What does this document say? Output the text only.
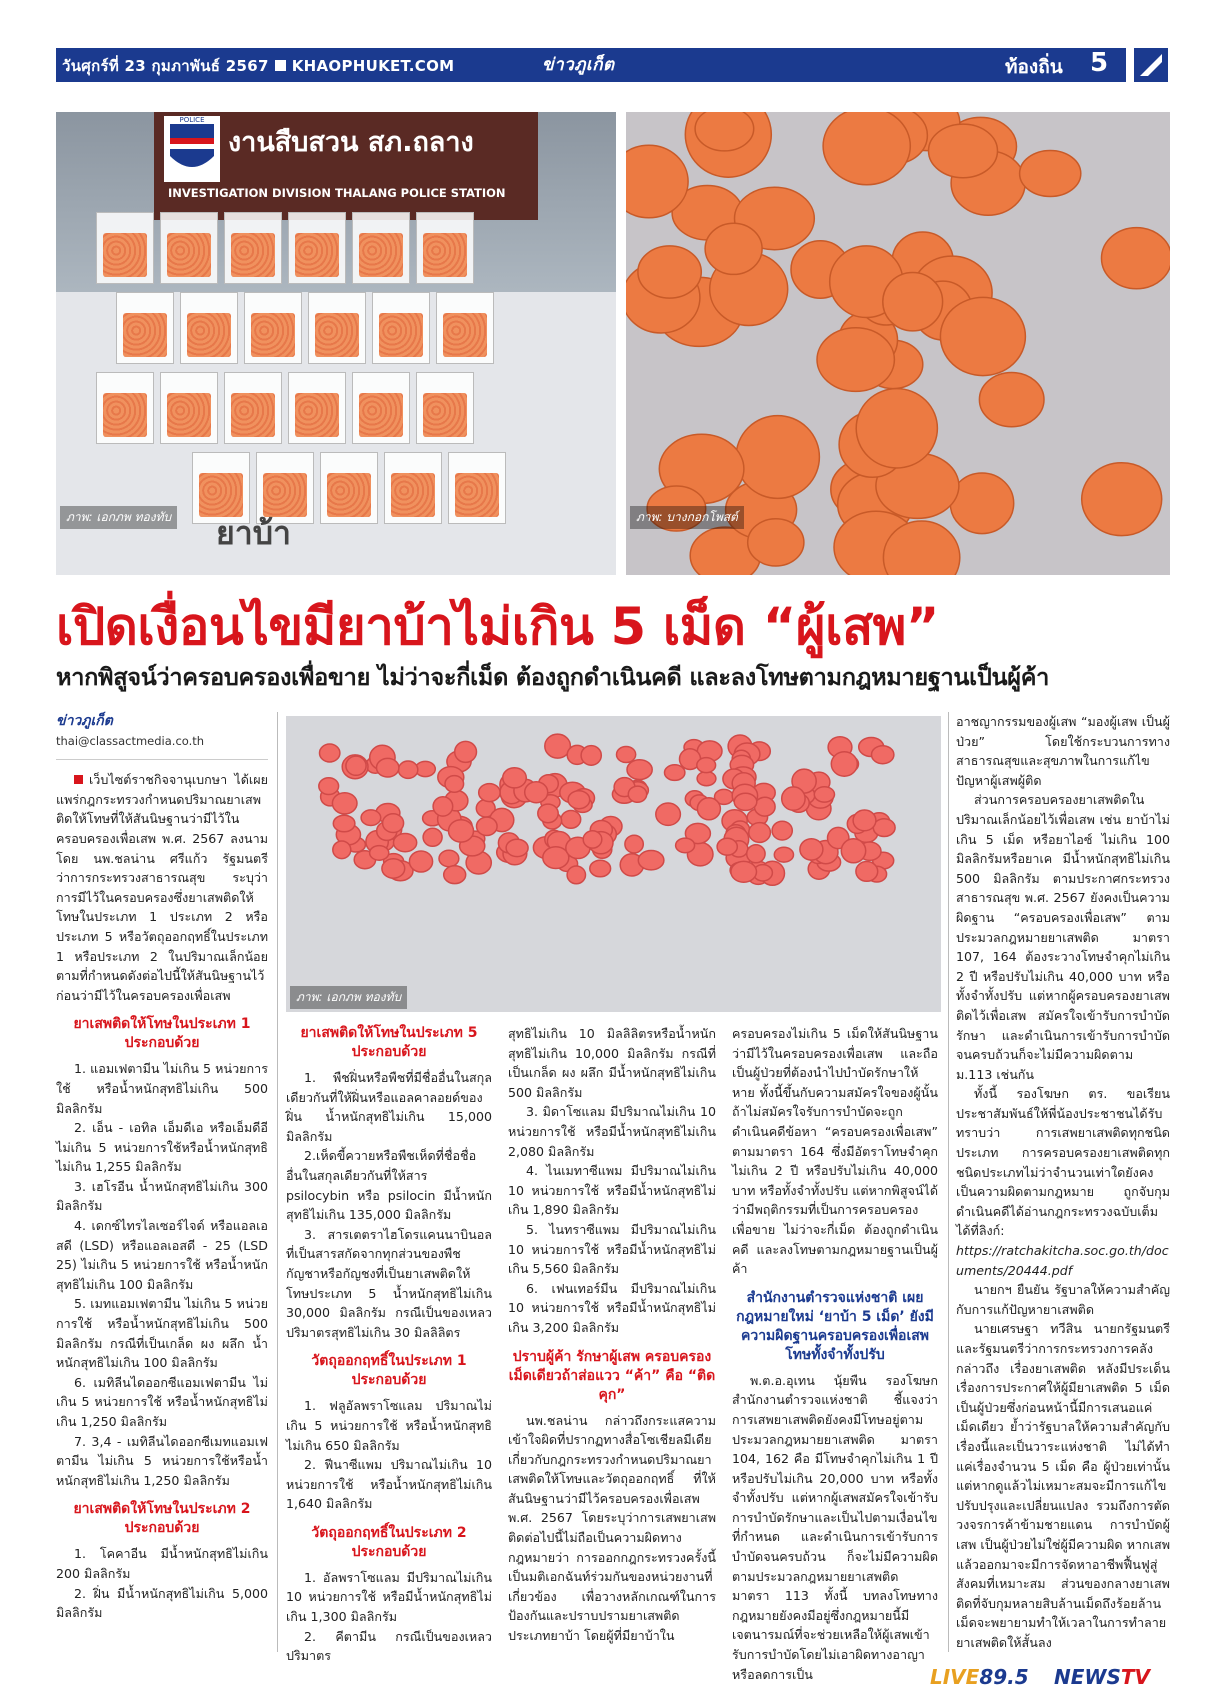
วันศุกร์ที่ 23 กุมภาพันธ์ 2567 KHAOPHUKET.COM	ข่าวภูเก็ต	ท้องถิ่น 5
POLICE
งานสืบสวน สภ.ถลาง
INVESTIGATION DIVISION THALANG POLICE STATION
ยาบ้า
ภาพ: เอกภพ ทองทับ	ภาพ: บางกอกโพสต์
เปิดเงื่อนไขมียาบ้าไม่เกิน 5 เม็ด “ผู้เสพ”
หากพิสูจน์ว่าครอบครองเพื่อขาย ไม่ว่าจะกี่เม็ด ต้องถูกดำเนินคดี และลงโทษตามกฎหมายฐานเป็นผู้ค้า
ข่าวภูเก็ต
thai@classactmedia.co.th

เว็บไซต์ราชกิจจานุเบกษา ได้เผยแพร่กฎกระทรวงกำหนดปริมาณยาเสพติดให้โทษที่ให้สันนิษฐานว่ามีไว้ในครอบครองเพื่อเสพ พ.ศ. 2567 ลงนามโดย นพ.ชลน่าน ศรีแก้ว รัฐมนตรีว่าการกระทรวงสาธารณสุข ระบุว่า การมีไว้ในครอบครองซึ่งยาเสพติดให้โทษในประเภท 1 ประเภท 2 หรือประเภท 5 หรือวัตถุออกฤทธิ์ในประเภท 1 หรือประเภท 2 ในปริมาณเล็กน้อยตามที่กำหนดดังต่อไปนี้ให้สันนิษฐานไว้ก่อนว่ามีไว้ในครอบครองเพื่อเสพ

ยาเสพติดให้โทษในประเภท 1 ประกอบด้วย

1. แอมเฟตามีน ไม่เกิน 5 หน่วยการใช้ หรือน้ำหนักสุทธิไม่เกิน 500 มิลลิกรัม

2. เอ็น - เอทิล เอ็มดีเอ หรือเอ็มดีอี ไม่เกิน 5 หน่วยการใช้หรือน้ำหนักสุทธิไม่เกิน 1,255 มิลลิกรัม

3. เฮโรอีน น้ำหนักสุทธิไม่เกิน 300 มิลลิกรัม

4. เดกซ์ไทรไลเซอร์ไจด์ หรือแอลเอสดี (LSD) หรือแอลเอสดี - 25 (LSD 25) ไม่เกิน 5 หน่วยการใช้ หรือน้ำหนักสุทธิไม่เกิน 100 มิลลิกรัม

5. เมทแอมเฟตามีน ไม่เกิน 5 หน่วยการใช้ หรือน้ำหนักสุทธิไม่เกิน 500 มิลลิกรัม กรณีที่เป็นเกล็ด ผง ผลึก น้ำหนักสุทธิไม่เกิน 100 มิลลิกรัม

6. เมทิลีนไดออกซีแอมเฟตามีน ไม่เกิน 5 หน่วยการใช้ หรือน้ำหนักสุทธิไม่เกิน 1,250 มิลลิกรัม

7. 3,4 - เมทิลีนไดออกซีเมทแอมเฟตามีน ไม่เกิน 5 หน่วยการใช้หรือน้ำหนักสุทธิไม่เกิน 1,250 มิลลิกรัม

ยาเสพติดให้โทษในประเภท 2 ประกอบด้วย

1. โคคาอีน มีน้ำหนักสุทธิไม่เกิน 200 มิลลิกรัม

2. ฝิ่น มีน้ำหนักสุทธิไม่เกิน 5,000 มิลลิกรัม

ภาพ: เอกภพ ทองทับ
ยาเสพติดให้โทษในประเภท 5 ประกอบด้วย

1. พืชฝิ่นหรือพืชที่มีชื่ออื่นในสกุลเดียวกันที่ให้ฝิ่นหรือแอลคาลอยด์ของฝิ่น น้ำหนักสุทธิไม่เกิน 15,000 มิลลิกรัม

2.เห็ดขี้ควายหรือพืชเห็ดที่ชื่อชื่ออื่นในสกุลเดียวกันที่ให้สาร psilocybin หรือ psilocin มีน้ำหนักสุทธิไม่เกิน 135,000 มิลลิกรัม

3. สารเตตราไฮโดรแคนนาบินอล ที่เป็นสารสกัดจากทุกส่วนของพืชกัญชาหรือกัญชงที่เป็นยาเสพติดให้โทษประเภท 5 น้ำหนักสุทธิไม่เกิน 30,000 มิลลิกรัม กรณีเป็นของเหลวปริมาตรสุทธิไม่เกิน 30 มิลลิลิตร

วัตถุออกฤทธิ์ในประเภท 1 ประกอบด้วย

1. ฟลูอัลพราโซแลม ปริมาณไม่เกิน 5 หน่วยการใช้ หรือน้ำหนักสุทธิไม่เกิน 650 มิลลิกรัม

2. ฟีนาซีแพม ปริมาณไม่เกิน 10 หน่วยการใช้ หรือน้ำหนักสุทธิไม่เกิน 1,640 มิลลิกรัม

วัตถุออกฤทธิ์ในประเภท 2 ประกอบด้วย

1. อัลพราโซแลม มีปริมาณไม่เกิน 10 หน่วยการใช้ หรือมีน้ำหนักสุทธิไม่เกิน 1,300 มิลลิกรัม

2. คีตามีน กรณีเป็นของเหลวปริมาตร

สุทธิไม่เกิน 10 มิลลิลิตรหรือน้ำหนักสุทธิไม่เกิน 10,000 มิลลิกรัม กรณีที่เป็นเกล็ด ผง ผลึก มีน้ำหนักสุทธิไม่เกิน 500 มิลลิกรัม

3. มิดาโซแลม มีปริมาณไม่เกิน 10 หน่วยการใช้ หรือมีน้ำหนักสุทธิไม่เกิน 2,080 มิลลิกรัม

4. ไนเมทาซีแพม มีปริมาณไม่เกิน 10 หน่วยการใช้ หรือมีน้ำหนักสุทธิไม่เกิน 1,890 มิลลิกรัม

5. ไนทราซีแพม มีปริมาณไม่เกิน 10 หน่วยการใช้ หรือมีน้ำหนักสุทธิไม่เกิน 5,560 มิลลิกรัม

6. เฟนเทอร์มีน มีปริมาณไม่เกิน 10 หน่วยการใช้ หรือมีน้ำหนักสุทธิไม่เกิน 3,200 มิลลิกรัม

ปราบผู้ค้า รักษาผู้เสพ ครอบครองเม็ดเดียวถ้าส่อแวว “ค้า” คือ “ติดคุก”

นพ.ชลน่าน กล่าวถึงกระแสความเข้าใจผิดที่ปรากฏทางสื่อโซเชียลมีเดียเกี่ยวกับกฎกระทรวงกำหนดปริมาณยาเสพติดให้โทษและวัตถุออกฤทธิ์ ที่ให้สันนิษฐานว่ามีไว้ครอบครองเพื่อเสพ พ.ศ. 2567 โดยระบุว่าการเสพยาเสพติดต่อไปนี้ไม่ถือเป็นความผิดทางกฎหมายว่า การออกกฎกระทรวงครั้งนี้ เป็นมติเอกฉันท์ร่วมกันของหน่วยงานที่เกี่ยวข้อง เพื่อวางหลักเกณฑ์ในการป้องกันและปราบปรามยาเสพติดประเภทยาบ้า โดยผู้ที่มียาบ้าใน

ครอบครองไม่เกิน 5 เม็ดให้สันนิษฐานว่ามีไว้ในครอบครองเพื่อเสพ และถือเป็นผู้ป่วยที่ต้องนำไปบำบัดรักษาให้หาย ทั้งนี้ขึ้นกับความสมัครใจของผู้นั้น ถ้าไม่สมัครใจรับการบำบัดจะถูกดำเนินคดีข้อหา “ครอบครองเพื่อเสพ” ตามมาตรา 164 ซึ่งมีอัตราโทษจำคุกไม่เกิน 2 ปี หรือปรับไม่เกิน 40,000 บาท หรือทั้งจำทั้งปรับ แต่หากพิสูจน์ได้ว่ามีพฤติกรรมที่เป็นการครอบครองเพื่อขาย ไม่ว่าจะกี่เม็ด ต้องถูกดำเนินคดี และลงโทษตามกฎหมายฐานเป็นผู้ค้า

สำนักงานตำรวจแห่งชาติ เผยกฎหมายใหม่ ‘ยาบ้า 5 เม็ด’ ยังมีความผิดฐานครอบครองเพื่อเสพ โทษทั้งจำทั้งปรับ

พ.ต.อ.อุเทน นุ้ยพืน รองโฆษกสำนักงานตำรวจแห่งชาติ ชี้แจงว่า การเสพยาเสพติดยังคงมีโทษอยู่ตามประมวลกฎหมายยาเสพติด มาตรา 104, 162 คือ มีโทษจำคุกไม่เกิน 1 ปี หรือปรับไม่เกิน 20,000 บาท หรือทั้งจำทั้งปรับ แต่หากผู้เสพสมัครใจเข้ารับการบำบัดรักษาและเป็นไปตามเงื่อนไขที่กำหนด และดำเนินการเข้ารับการบำบัดจนครบถ้วน ก็จะไม่มีความผิดตามประมวลกฎหมายยาเสพติด มาตรา 113 ทั้งนี้ บทลงโทษทางกฎหมายยังคงมีอยู่ซึ่งกฎหมายนี้มีเจตนารมณ์ที่จะช่วยเหลือให้ผู้เสพเข้ารับการบำบัดโดยไม่เอาผิดทางอาญา หรือลดการเป็น

อาชญากรรมของผู้เสพ “มองผู้เสพ เป็นผู้ป่วย” โดยใช้กระบวนการทางสาธารณสุขและสุขภาพในการแก้ไขปัญหาผู้เสพผู้ติด

ส่วนการครอบครองยาเสพติดในปริมาณเล็กน้อยไว้เพื่อเสพ เช่น ยาบ้าไม่เกิน 5 เม็ด หรือยาไอซ์ ไม่เกิน 100 มิลลิกรัมหรือยาเค มีน้ำหนักสุทธิไม่เกิน 500 มิลลิกรัม ตามประกาศกระทรวงสาธารณสุข พ.ศ. 2567 ยังคงเป็นความผิดฐาน “ครอบครองเพื่อเสพ” ตามประมวลกฎหมายยาเสพติด มาตรา 107, 164 ต้องระวางโทษจำคุกไม่เกิน 2 ปี หรือปรับไม่เกิน 40,000 บาท หรือ ทั้งจำทั้งปรับ แต่หากผู้ครอบครองยาเสพติดไว้เพื่อเสพ สมัครใจเข้ารับการบำบัดรักษา และดำเนินการเข้ารับการบำบัดจนครบถ้วนก็จะไม่มีความผิดตาม ม.113 เช่นกัน

ทั้งนี้ รองโฆษก ตร. ขอเรียนประชาสัมพันธ์ให้พี่น้องประชาชนได้รับทราบว่า การเสพยาเสพติดทุกชนิดประเภท การครอบครองยาเสพติดทุกชนิดประเภทไม่ว่าจำนวนเท่าใดยังคงเป็นความผิดตามกฎหมาย ถูกจับกุม ดำเนินคดีได้อ่านกฎกระทรวงฉบับเต็มได้ที่ลิงก์:

https://ratchakitcha.soc.go.th/documents/20444.pdf

นายกฯ ยืนยัน รัฐบาลให้ความสำคัญกับการแก้ปัญหายาเสพติด

นายเศรษฐา ทวีสิน นายกรัฐมนตรีและรัฐมนตรีว่าการกระทรวงการคลังกล่าวถึง เรื่องยาเสพติด หลังมีประเด็นเรื่องการประกาศให้ผู้มียาเสพติด 5 เม็ดเป็นผู้ป่วยซึ่งก่อนหน้านี้มีการเสนอแค่เม็ดเดียว ย้ำว่ารัฐบาลให้ความสำคัญกับเรื่องนี้และเป็นวาระแห่งชาติ ไม่ได้ทำแค่เรื่องจำนวน 5 เม็ด คือ ผู้ป่วยเท่านั้น แต่หากดูแล้วไม่เหมาะสมจะมีการแก้ไขปรับปรุงและเปลี่ยนแปลง รวมถึงการตัดวงจรการค้าข้ามชายแดน การบำบัดผู้เสพ เป็นผู้ป่วยไม่ใช่ผู้มีความผิด หากเสพแล้วออกมาจะมีการจัดหาอาชีพฟื้นฟูสู่สังคมที่เหมาะสม ส่วนของกลางยาเสพติดที่จับกุมหลายสิบล้านเม็ดถึงร้อยล้านเม็ดจะพยายามทำให้เวลาในการทำลายยาเสพติดให้สั้นลง

LIVE89.5 NEWSTV
